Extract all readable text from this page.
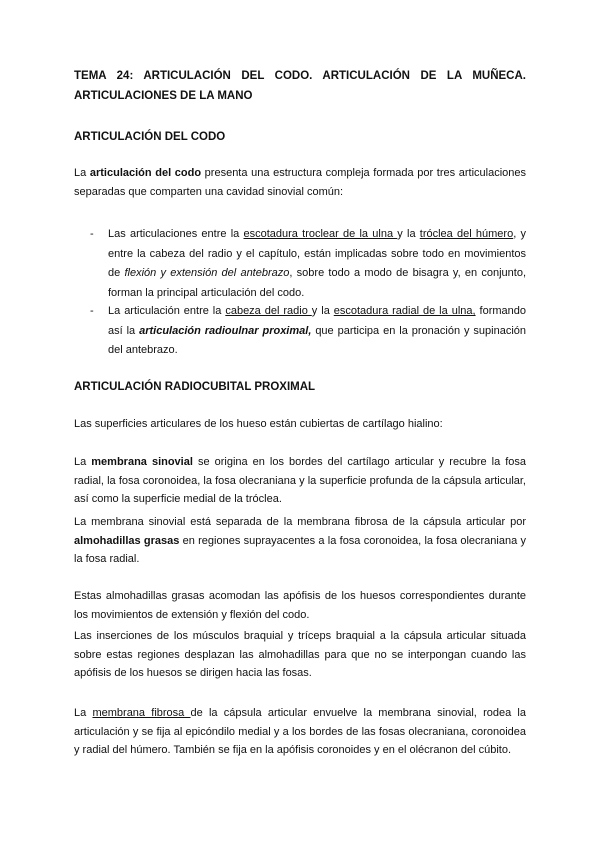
TEMA 24: ARTICULACIÓN DEL CODO. ARTICULACIÓN DE LA MUÑECA. ARTICULACIONES DE LA MANO
ARTICULACIÓN DEL CODO
La articulación del codo presenta una estructura compleja formada por tres articulaciones separadas que comparten una cavidad sinovial común:
- Las articulaciones entre la escotadura troclear de la ulna y la tróclea del húmero, y entre la cabeza del radio y el capítulo, están implicadas sobre todo en movimientos de flexión y extensión del antebrazo, sobre todo a modo de bisagra y, en conjunto, forman la principal articulación del codo.
- La articulación entre la cabeza del radio y la escotadura radial de la ulna, formando así la articulación radioulnar proximal, que participa en la pronación y supinación del antebrazo.
ARTICULACIÓN RADIOCUBITAL PROXIMAL
Las superficies articulares de los hueso están cubiertas de cartílago hialino:
La membrana sinovial se origina en los bordes del cartílago articular y recubre la fosa radial, la fosa coronoidea, la fosa olecraniana y la superficie profunda de la cápsula articular, así como la superficie medial de la tróclea.
La membrana sinovial está separada de la membrana fibrosa de la cápsula articular por almohadillas grasas en regiones suprayacentes a la fosa coronoidea, la fosa olecraniana y la fosa radial.
Estas almohadillas grasas acomodan las apófisis de los huesos correspondientes durante los movimientos de extensión y flexión del codo.
Las inserciones de los músculos braquial y tríceps braquial a la cápsula articular situada sobre estas regiones desplazan las almohadillas para que no se interpongan cuando las apófisis de los huesos se dirigen hacia las fosas.
La membrana fibrosa de la cápsula articular envuelve la membrana sinovial, rodea la articulación y se fija al epicóndilo medial y a los bordes de las fosas olecraniana, coronoidea y radial del húmero. También se fija en la apófisis coronoides y en el olécranon del cúbito.
